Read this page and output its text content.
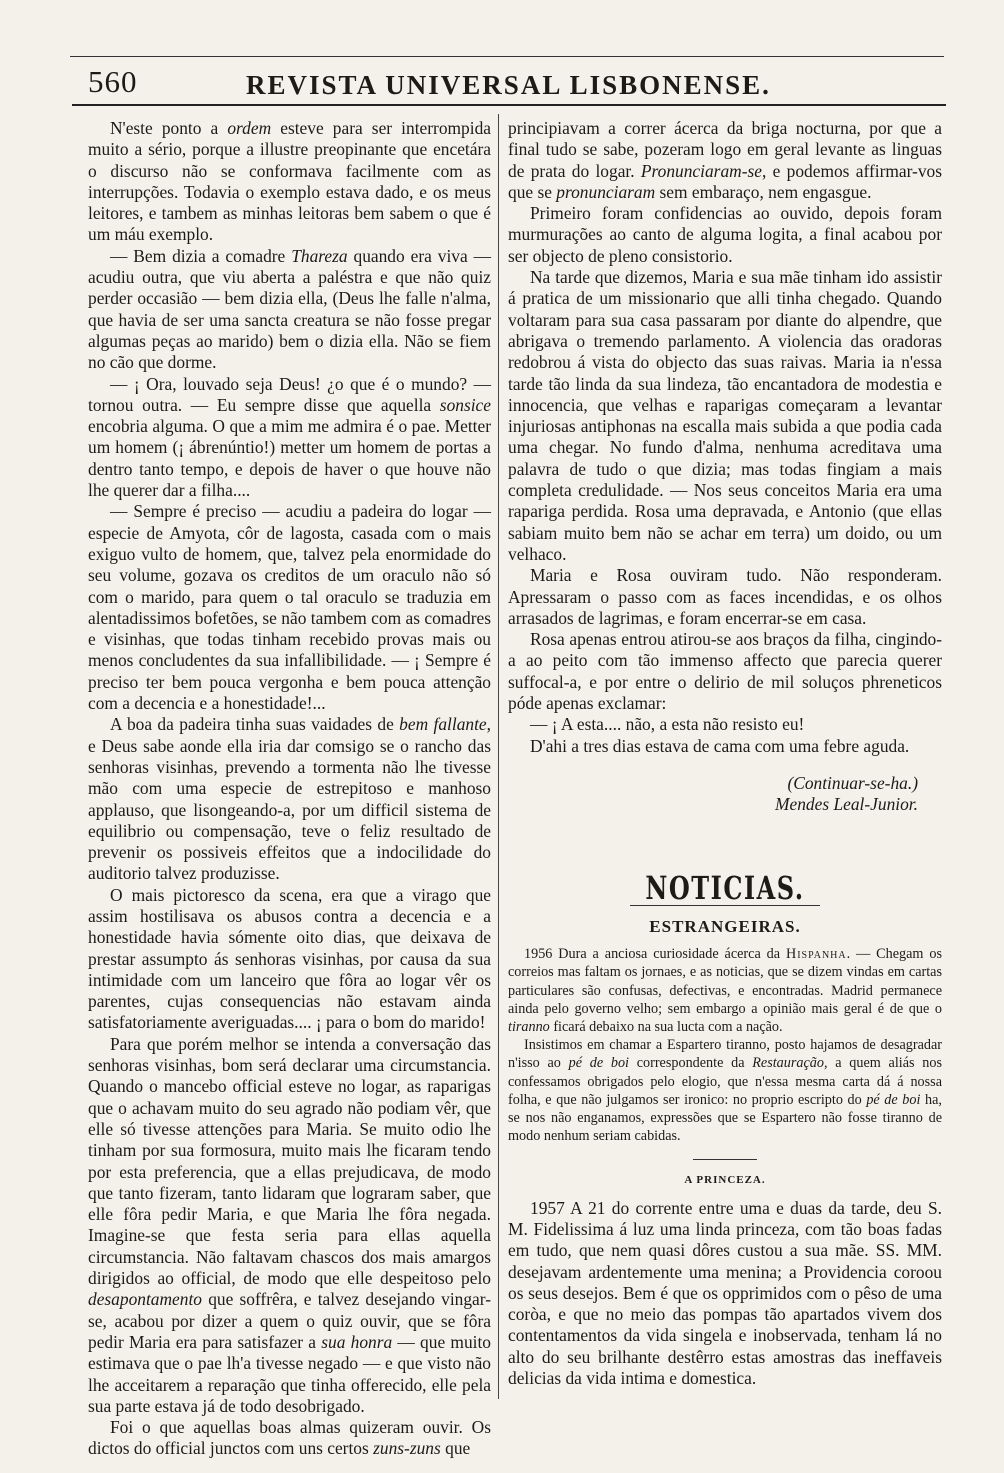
560	REVISTA UNIVERSAL LISBONENSE.

N'este ponto a ordem esteve para ser interrompida muito a sério, porque a illustre preopinante que encetára o discurso não se conformava facilmente com as interrupções. Todavia o exemplo estava dado, e os meus leitores, e tambem as minhas leitoras bem sabem o que é um máu exemplo.

— Bem dizia a comadre Thareza quando era viva — acudiu outra, que viu aberta a paléstra e que não quiz perder occasião — bem dizia ella, (Deus lhe falle n'alma, que havia de ser uma sancta creatura se não fosse pregar algumas peças ao marido) bem o dizia ella. Não se fiem no cão que dorme.

— ¡ Ora, louvado seja Deus! ¿o que é o mundo? — tornou outra. — Eu sempre disse que aquella sonsice encobria alguma. O que a mim me admira é o pae. Metter um homem (¡ ábrenúntio!) metter um homem de portas a dentro tanto tempo, e depois de haver o que houve não lhe querer dar a filha....

— Sempre é preciso — acudiu a padeira do logar — especie de Amyota, côr de lagosta, casada com o mais exiguo vulto de homem, que, talvez pela enormidade do seu volume, gozava os creditos de um oraculo não só com o marido, para quem o tal oraculo se traduzia em alentadissimos bofetões, se não tambem com as comadres e visinhas, que todas tinham recebido provas mais ou menos concludentes da sua infallibilidade. — ¡ Sempre é preciso ter bem pouca vergonha e bem pouca attenção com a decencia e a honestidade!...

A boa da padeira tinha suas vaidades de bem fallante, e Deus sabe aonde ella iria dar comsigo se o rancho das senhoras visinhas, prevendo a tormenta não lhe tivesse mão com uma especie de estrepitoso e manhoso applauso, que lisongeando-a, por um difficil sistema de equilibrio ou compensação, teve o feliz resultado de prevenir os possiveis effeitos que a indocilidade do auditorio talvez produzisse.

O mais pictoresco da scena, era que a virago que assim hostilisava os abusos contra a decencia e a honestidade havia sómente oito dias, que deixava de prestar assumpto ás senhoras visinhas, por causa da sua intimidade com um lanceiro que fôra ao logar vêr os parentes, cujas consequencias não estavam ainda satisfatoriamente averiguadas.... ¡ para o bom do marido!

Para que porém melhor se intenda a conversação das senhoras visinhas, bom será declarar uma circumstancia. Quando o mancebo official esteve no logar, as raparigas que o achavam muito do seu agrado não podiam vêr, que elle só tivesse attenções para Maria. Se muito odio lhe tinham por sua formosura, muito mais lhe ficaram tendo por esta preferencia, que a ellas prejudicava, de modo que tanto fizeram, tanto lidaram que lograram saber, que elle fôra pedir Maria, e que Maria lhe fôra negada. Imagine-se que festa seria para ellas aquella circumstancia. Não faltavam chascos dos mais amargos dirigidos ao official, de modo que elle despeitoso pelo desapontamento que soffrêra, e talvez desejando vingar-se, acabou por dizer a quem o quiz ouvir, que se fôra pedir Maria era para satisfazer a sua honra — que muito estimava que o pae lh'a tivesse negado — e que visto não lhe acceitarem a reparação que tinha offerecido, elle pela sua parte estava já de todo desobrigado.

Foi o que aquellas boas almas quizeram ouvir. Os dictos do official junctos com uns certos zuns-zuns que

principiavam a correr ácerca da briga nocturna, por que a final tudo se sabe, pozeram logo em geral levante as linguas de prata do logar. Pronunciaram-se, e podemos affirmar-vos que se pronunciaram sem embaraço, nem engasgue.

Primeiro foram confidencias ao ouvido, depois foram murmurações ao canto de alguma logita, a final acabou por ser objecto de pleno consistorio.

Na tarde que dizemos, Maria e sua mãe tinham ido assistir á pratica de um missionario que alli tinha chegado. Quando voltaram para sua casa passaram por diante do alpendre, que abrigava o tremendo parlamento. A violencia das oradoras redobrou á vista do objecto das suas raivas. Maria ia n'essa tarde tão linda da sua lindeza, tão encantadora de modestia e innocencia, que velhas e raparigas começaram a levantar injuriosas antiphonas na escalla mais subida a que podia cada uma chegar. No fundo d'alma, nenhuma acreditava uma palavra de tudo o que dizia; mas todas fingiam a mais completa credulidade. — Nos seus conceitos Maria era uma rapariga perdida. Rosa uma depravada, e Antonio (que ellas sabiam muito bem não se achar em terra) um doido, ou um velhaco.

Maria e Rosa ouviram tudo. Não responderam. Apressaram o passo com as faces incendidas, e os olhos arrasados de lagrimas, e foram encerrar-se em casa.

Rosa apenas entrou atirou-se aos braços da filha, cingindo-a ao peito com tão immenso affecto que parecia querer suffocal-a, e por entre o delirio de mil soluços phreneticos póde apenas exclamar:

— ¡ A esta.... não, a esta não resisto eu!

D'ahi a tres dias estava de cama com uma febre aguda.

(Continuar-se-ha.)

Mendes Leal-Junior.

NOTICIAS.
ESTRANGEIRAS.

1956 Dura a anciosa curiosidade ácerca da Hispanha. — Chegam os correios mas faltam os jornaes, e as noticias, que se dizem vindas em cartas particulares são confusas, defectivas, e encontradas. Madrid permanece ainda pelo governo velho; sem embargo a opinião mais geral é de que o tiranno ficará debaixo na sua lucta com a nação.

Insistimos em chamar a Espartero tiranno, posto hajamos de desagradar n'isso ao pé de boi correspondente da Restauração, a quem aliás nos confessamos obrigados pelo elogio, que n'essa mesma carta dá á nossa folha, e que não julgamos ser ironico: no proprio escripto do pé de boi ha, se nos não enganamos, expressões que se Espartero não fosse tiranno de modo nenhum seriam cabidas.

A PRINCEZA.

1957 A 21 do corrente entre uma e duas da tarde, deu S. M. Fidelissima á luz uma linda princeza, com tão boas fadas em tudo, que nem quasi dôres custou a sua mãe. SS. MM. desejavam ardentemente uma menina; a Providencia coroou os seus desejos. Bem é que os opprimidos com o pêso de uma coròa, e que no meio das pompas tão apartados vivem dos contentamentos da vida singela e inobservada, tenham lá no alto do seu brilhante destêrro estas amostras das ineffaveis delicias da vida intima e domestica.
